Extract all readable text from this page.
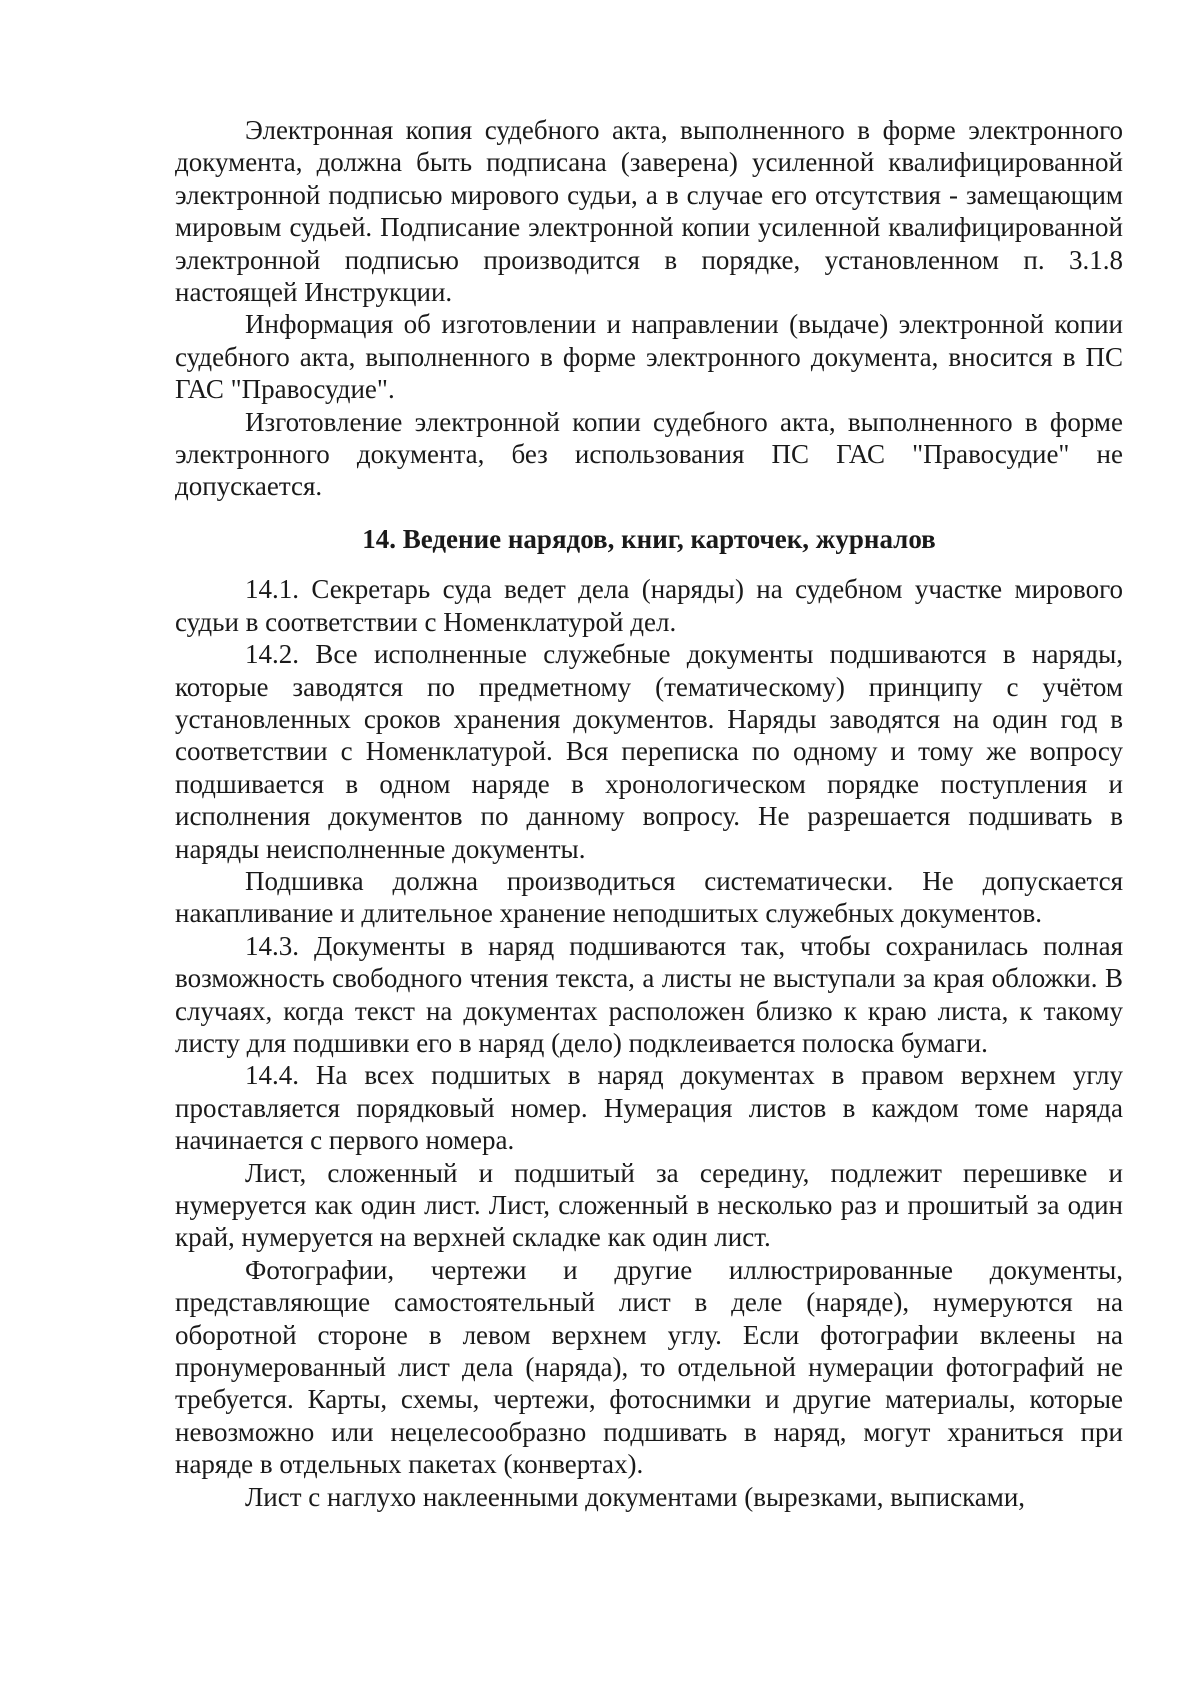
Электронная копия судебного акта, выполненного в форме электронного документа, должна быть подписана (заверена) усиленной квалифицированной электронной подписью мирового судьи, а в случае его отсутствия - замещающим мировым судьей. Подписание электронной копии усиленной квалифицированной электронной подписью производится в порядке, установленном п. 3.1.8 настоящей Инструкции.

Информация об изготовлении и направлении (выдаче) электронной копии судебного акта, выполненного в форме электронного документа, вносится в ПС ГАС "Правосудие".

Изготовление электронной копии судебного акта, выполненного в форме электронного документа, без использования ПС ГАС "Правосудие" не допускается.

14. Ведение нарядов, книг, карточек, журналов

14.1. Секретарь суда ведет дела (наряды) на судебном участке мирового судьи в соответствии с Номенклатурой дел.

14.2. Все исполненные служебные документы подшиваются в наряды, которые заводятся по предметному (тематическому) принципу с учётом установленных сроков хранения документов. Наряды заводятся на один год в соответствии с Номенклатурой. Вся переписка по одному и тому же вопросу подшивается в одном наряде в хронологическом порядке поступления и исполнения документов по данному вопросу. Не разрешается подшивать в наряды неисполненные документы.

Подшивка должна производиться систематически. Не допускается накапливание и длительное хранение неподшитых служебных документов.

14.3. Документы в наряд подшиваются так, чтобы сохранилась полная возможность свободного чтения текста, а листы не выступали за края обложки. В случаях, когда текст на документах расположен близко к краю листа, к такому листу для подшивки его в наряд (дело) подклеивается полоска бумаги.

14.4. На всех подшитых в наряд документах в правом верхнем углу проставляется порядковый номер. Нумерация листов в каждом томе наряда начинается с первого номера.

Лист, сложенный и подшитый за середину, подлежит перешивке и нумеруется как один лист. Лист, сложенный в несколько раз и прошитый за один край, нумеруется на верхней складке как один лист.

Фотографии, чертежи и другие иллюстрированные документы, представляющие самостоятельный лист в деле (наряде), нумеруются на оборотной стороне в левом верхнем углу. Если фотографии вклеены на пронумерованный лист дела (наряда), то отдельной нумерации фотографий не требуется. Карты, схемы, чертежи, фотоснимки и другие материалы, которые невозможно или нецелесообразно подшивать в наряд, могут храниться при наряде в отдельных пакетах (конвертах).

Лист с наглухо наклеенными документами (вырезками, выписками,
